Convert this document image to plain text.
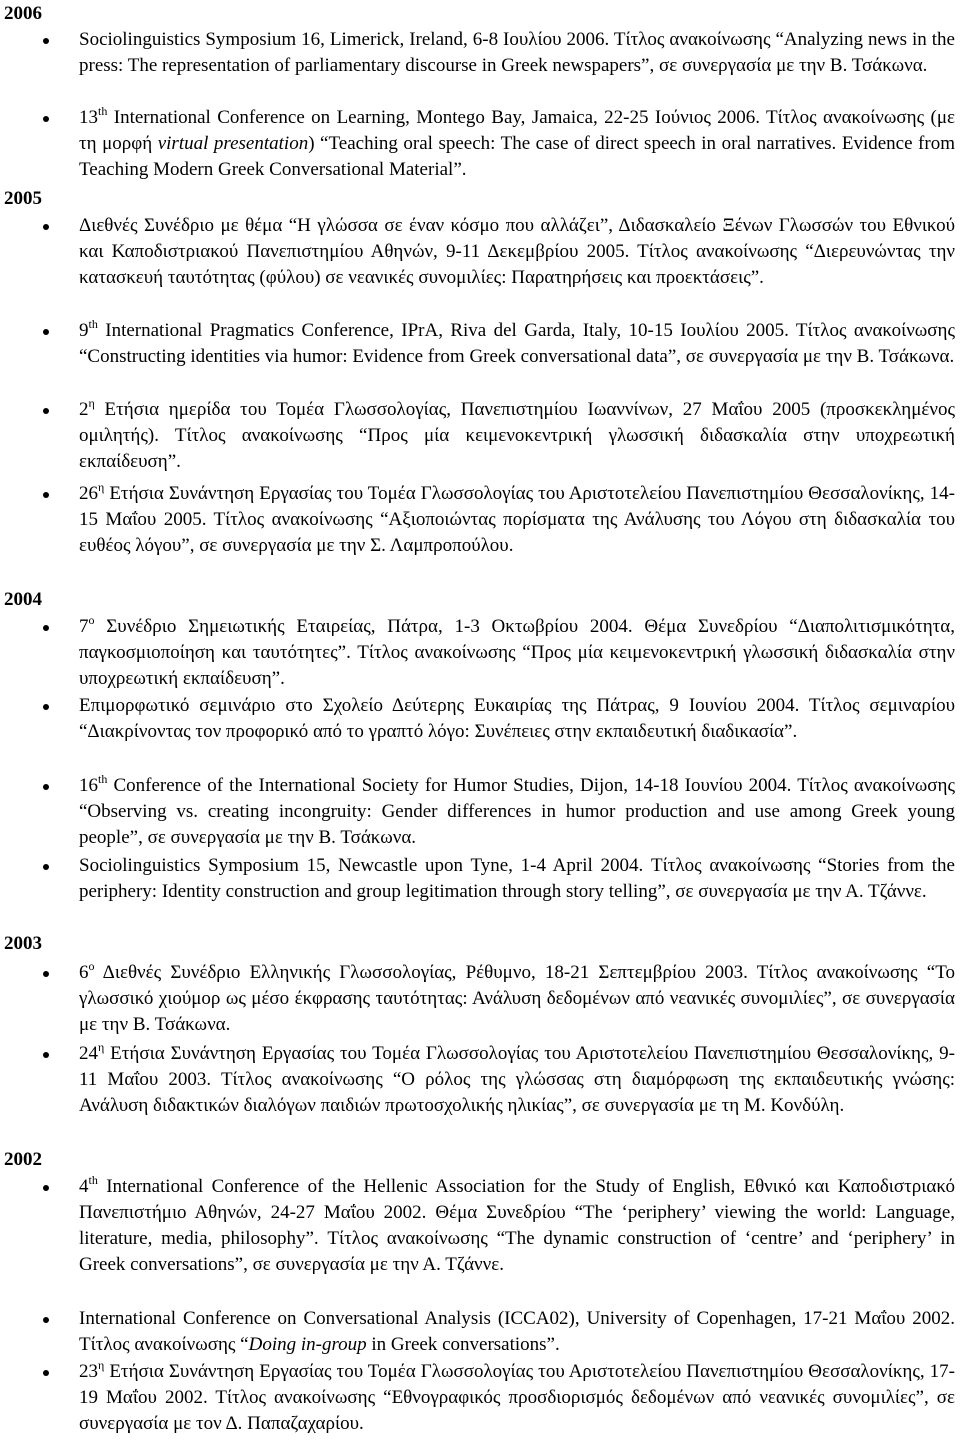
2006
2005
2004
2003
2002

Sociolinguistics Symposium 16, Limerick, Ireland, 6-8 Ιουλίου 2006. Τίτλος ανακοίνωσης “Analyzing news in the press: The representation of parliamentary discourse in Greek newspapers”, σε συνεργασία με την Β. Τσάκωνα.

13th International Conference on Learning, Montego Bay, Jamaica, 22-25 Ιούνιος 2006. Τίτλος ανακοίνωσης (με τη μορφή virtual presentation) “Teaching oral speech: The case of direct speech in oral narratives. Evidence from Teaching Modern Greek Conversational Material”.

Διεθνές Συνέδριο με θέμα “Η γλώσσα σε έναν κόσμο που αλλάζει”, Διδασκαλείο Ξένων Γλωσσών του Εθνικού και Καποδιστριακού Πανεπιστημίου Αθηνών, 9-11 Δεκεμβρίου 2005. Τίτλος ανακοίνωσης “Διερευνώντας την κατασκευή ταυτότητας (φύλου) σε νεανικές συνομιλίες: Παρατηρήσεις και προεκτάσεις”.

9th International Pragmatics Conference, IPrA, Riva del Garda, Italy, 10-15 Ιουλίου 2005. Τίτλος ανακοίνωσης “Constructing identities via humor: Evidence from Greek conversational data”, σε συνεργασία με την Β. Τσάκωνα.

$2^\eta$ Ετήσια ημερίδα του Τομέα Γλωσσολογίας, Πανεπιστημίου Ιωαννίνων, 27 Μαΐου 2005 (προσκεκλημένος ομιλητής). Τίτλος ανακοίνωσης “Προς μία κειμενοκεντρική γλωσσική διδασκαλία στην υποχρεωτική εκπαίδευση”.

$26^\eta$ Ετήσια Συνάντηση Εργασίας του Τομέα Γλωσσολογίας του Αριστοτελείου Πανεπιστημίου Θεσσαλονίκης, 14-15 Μαΐου 2005. Τίτλος ανακοίνωσης “Αξιοποιώντας πορίσματα της Ανάλυσης του Λόγου στη διδασκαλία του ευθέος λόγου”, σε συνεργασία με την Σ. Λαμπροπούλου.

$7^o$ Συνέδριο Σημειωτικής Εταιρείας, Πάτρα, 1-3 Οκτωβρίου 2004. Θέμα Συνεδρίου “Διαπολιτισμικότητα, παγκοσμιοποίηση και ταυτότητες”. Τίτλος ανακοίνωσης “Προς μία κειμενοκεντρική γλωσσική διδασκαλία στην υποχρεωτική εκπαίδευση”.

Επιμορφωτικό σεμινάριο στο Σχολείο Δεύτερης Ευκαιρίας της Πάτρας, 9 Ιουνίου 2004. Τίτλος σεμιναρίου “Διακρίνοντας τον προφορικό από το γραπτό λόγο: Συνέπειες στην εκπαιδευτική διαδικασία”.

16th Conference of the International Society for Humor Studies, Dijon, 14-18 Ιουνίου 2004. Τίτλος ανακοίνωσης “Observing vs. creating incongruity: Gender differences in humor production and use among Greek young people”, σε συνεργασία με την Β. Τσάκωνα.

Sociolinguistics Symposium 15, Newcastle upon Tyne, 1-4 April 2004. Τίτλος ανακοίνωσης “Stories from the periphery: Identity construction and group legitimation through story telling”, σε συνεργασία με την Α. Τζάννε.

$6^o$ Διεθνές Συνέδριο Ελληνικής Γλωσσολογίας, Ρέθυμνο, 18-21 Σεπτεμβρίου 2003. Τίτλος ανακοίνωσης “Το γλωσσικό χιούμορ ως μέσο έκφρασης ταυτότητας: Ανάλυση δεδομένων από νεανικές συνομιλίες”, σε συνεργασία με την Β. Τσάκωνα.

$24^\eta$ Ετήσια Συνάντηση Εργασίας του Τομέα Γλωσσολογίας του Αριστοτελείου Πανεπιστημίου Θεσσαλονίκης, 9-11 Μαΐου 2003. Τίτλος ανακοίνωσης “Ο ρόλος της γλώσσας στη διαμόρφωση της εκπαιδευτικής γνώσης: Ανάλυση διδακτικών διαλόγων παιδιών πρωτοσχολικής ηλικίας”, σε συνεργασία με τη Μ. Κονδύλη.

4th International Conference of the Hellenic Association for the Study of English, Εθνικό και Καποδιστριακό Πανεπιστήμιο Αθηνών, 24-27 Μαΐου 2002. Θέμα Συνεδρίου “The ‘periphery’ viewing the world: Language, literature, media, philosophy”. Τίτλος ανακοίνωσης “The dynamic construction of ‘centre’ and ‘periphery’ in Greek conversations”, σε συνεργασία με την Α. Τζάννε.

International Conference on Conversational Analysis (ICCA02), University of Copenhagen, 17-21 Μαΐου 2002. Τίτλος ανακοίνωσης “Doing in-group in Greek conversations”.

$23^\eta$ Ετήσια Συνάντηση Εργασίας του Τομέα Γλωσσολογίας του Αριστοτελείου Πανεπιστημίου Θεσσαλονίκης, 17-19 Μαΐου 2002. Τίτλος ανακοίνωσης “Εθνογραφικός προσδιορισμός δεδομένων από νεανικές συνομιλίες”, σε συνεργασία με τον Δ. Παπαζαχαρίου.
